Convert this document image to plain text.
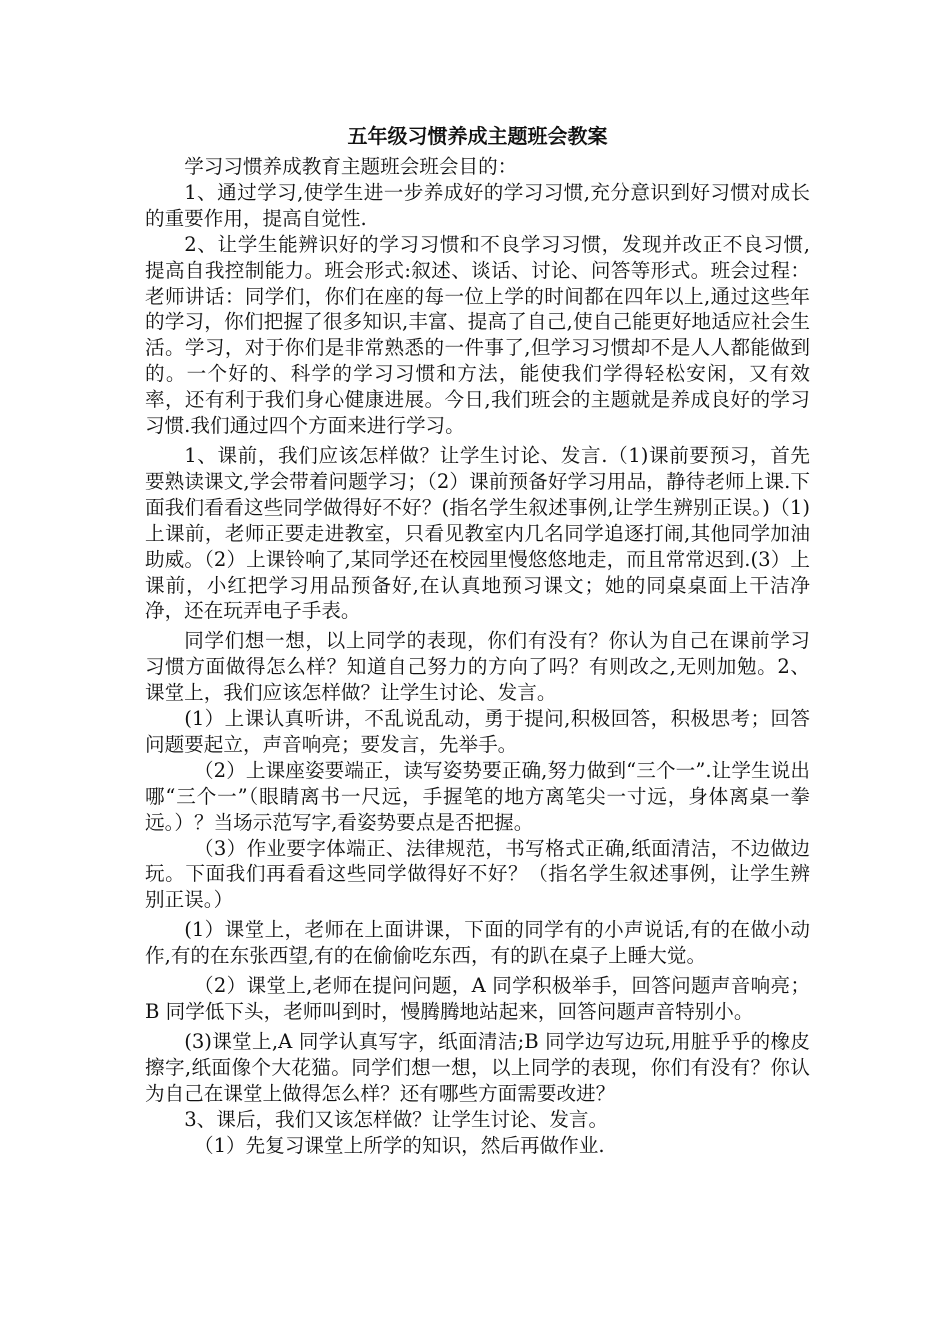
五年级习惯养成主题班会教案

学习习惯养成教育主题班会班会目的：

1、通过学习,使学生进一步养成好的学习习惯,充分意识到好习惯对成长的重要作用，提高自觉性.

2、让学生能辨识好的学习习惯和不良学习习惯，发现并改正不良习惯,提高自我控制能力。班会形式:叙述、谈话、讨论、问答等形式。班会过程：老师讲话：同学们，你们在座的每一位上学的时间都在四年以上,通过这些年的学习，你们把握了很多知识,丰富、提高了自己,使自己能更好地适应社会生活。学习，对于你们是非常熟悉的一件事了,但学习习惯却不是人人都能做到的。一个好的、科学的学习习惯和方法，能使我们学得轻松安闲，又有效率，还有利于我们身心健康进展。今日,我们班会的主题就是养成良好的学习习惯.我们通过四个方面来进行学习。

1、课前，我们应该怎样做？让学生讨论、发言.（1)课前要预习，首先要熟读课文,学会带着问题学习；（2）课前预备好学习用品，静待老师上课.下面我们看看这些同学做得好不好？(指名学生叙述事例,让学生辨别正误。)（1)上课前，老师正要走进教室，只看见教室内几名同学追逐打闹,其他同学加油助威。（2）上课铃响了,某同学还在校园里慢悠悠地走，而且常常迟到.(3）上课前，小红把学习用品预备好,在认真地预习课文；她的同桌桌面上干洁净净，还在玩弄电子手表。

同学们想一想，以上同学的表现，你们有没有？你认为自己在课前学习习惯方面做得怎么样？知道自己努力的方向了吗？有则改之,无则加勉。2、课堂上，我们应该怎样做？让学生讨论、发言。

(1）上课认真听讲，不乱说乱动，勇于提问,积极回答，积极思考；回答问题要起立，声音响亮；要发言，先举手。

（2）上课座姿要端正，读写姿势要正确,努力做到“三个一”.让学生说出哪“三个一”（眼睛离书一尺远，手握笔的地方离笔尖一寸远，身体离桌一拳远。）？当场示范写字,看姿势要点是否把握。

（3）作业要字体端正、法律规范，书写格式正确,纸面清洁，不边做边玩。下面我们再看看这些同学做得好不好？（指名学生叙述事例，让学生辨别正误。）

(1）课堂上，老师在上面讲课，下面的同学有的小声说话,有的在做小动作,有的在东张西望,有的在偷偷吃东西，有的趴在桌子上睡大觉。

（2）课堂上,老师在提问问题，A 同学积极举手，回答问题声音响亮；B 同学低下头，老师叫到时，慢腾腾地站起来，回答问题声音特别小。

(3)课堂上,A 同学认真写字，纸面清洁;B 同学边写边玩,用脏乎乎的橡皮擦字,纸面像个大花猫。同学们想一想，以上同学的表现，你们有没有？你认为自己在课堂上做得怎么样？还有哪些方面需要改进？

3、课后，我们又该怎样做？让学生讨论、发言。

（1）先复习课堂上所学的知识，然后再做作业.
